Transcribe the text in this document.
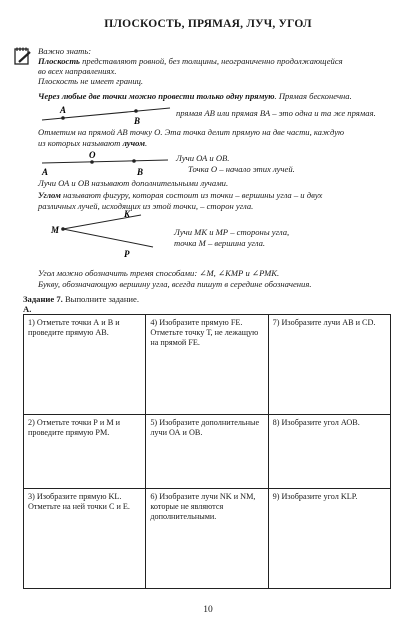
ПЛОСКОСТЬ, ПРЯМАЯ, ЛУЧ, УГОЛ
Важно знать:
Плоскость представляют ровной, без толщины, неограниченно продолжающейся
во всех направлениях.
Плоскость не имеет границ.
Через любые две точки можно провести только одну прямую. Прямая бесконечна.
A
B
прямая АВ или прямая ВА – это одна и та же прямая.
Отметим на прямой АВ точку О. Эта точка делит прямую на две части, каждую
из которых называют лучом.
A
O
B
Лучи ОА и ОВ.
Точка О – начало этих лучей.
Лучи ОА и ОВ называют дополнительными лучами.
Углом называют фигуру, которая состоит из точки – вершины угла – и двух
различных лучей, исходящих из этой точки, – сторон угла.
M
K
P
Лучи МК и МР – стороны угла,
точка М – вершина угла.
Угол можно обозначить тремя способами: ∠М, ∠КМР и ∠РМК.
Букву, обозначающую вершину угла, всегда пишут в середине обозначения.
Задание 7. Выполните задание.
А.
1) Отметьте точки А и В и проведите прямую АВ.	4) Изобразите прямую FE. Отметьте точку Т, не лежащую на прямой FE.	7) Изобразите лучи АВ и CD.
2) Отметьте точки Р и М и проведите прямую РМ.	5) Изобразите дополнительные лучи ОА и ОВ.	8) Изобразите угол АОВ.
3) Изобразите прямую KL. Отметьте на ней точки С и Е.	6) Изобразите лучи NK и NM, которые не являются дополнительными.	9) Изобразите угол KLP.
10
